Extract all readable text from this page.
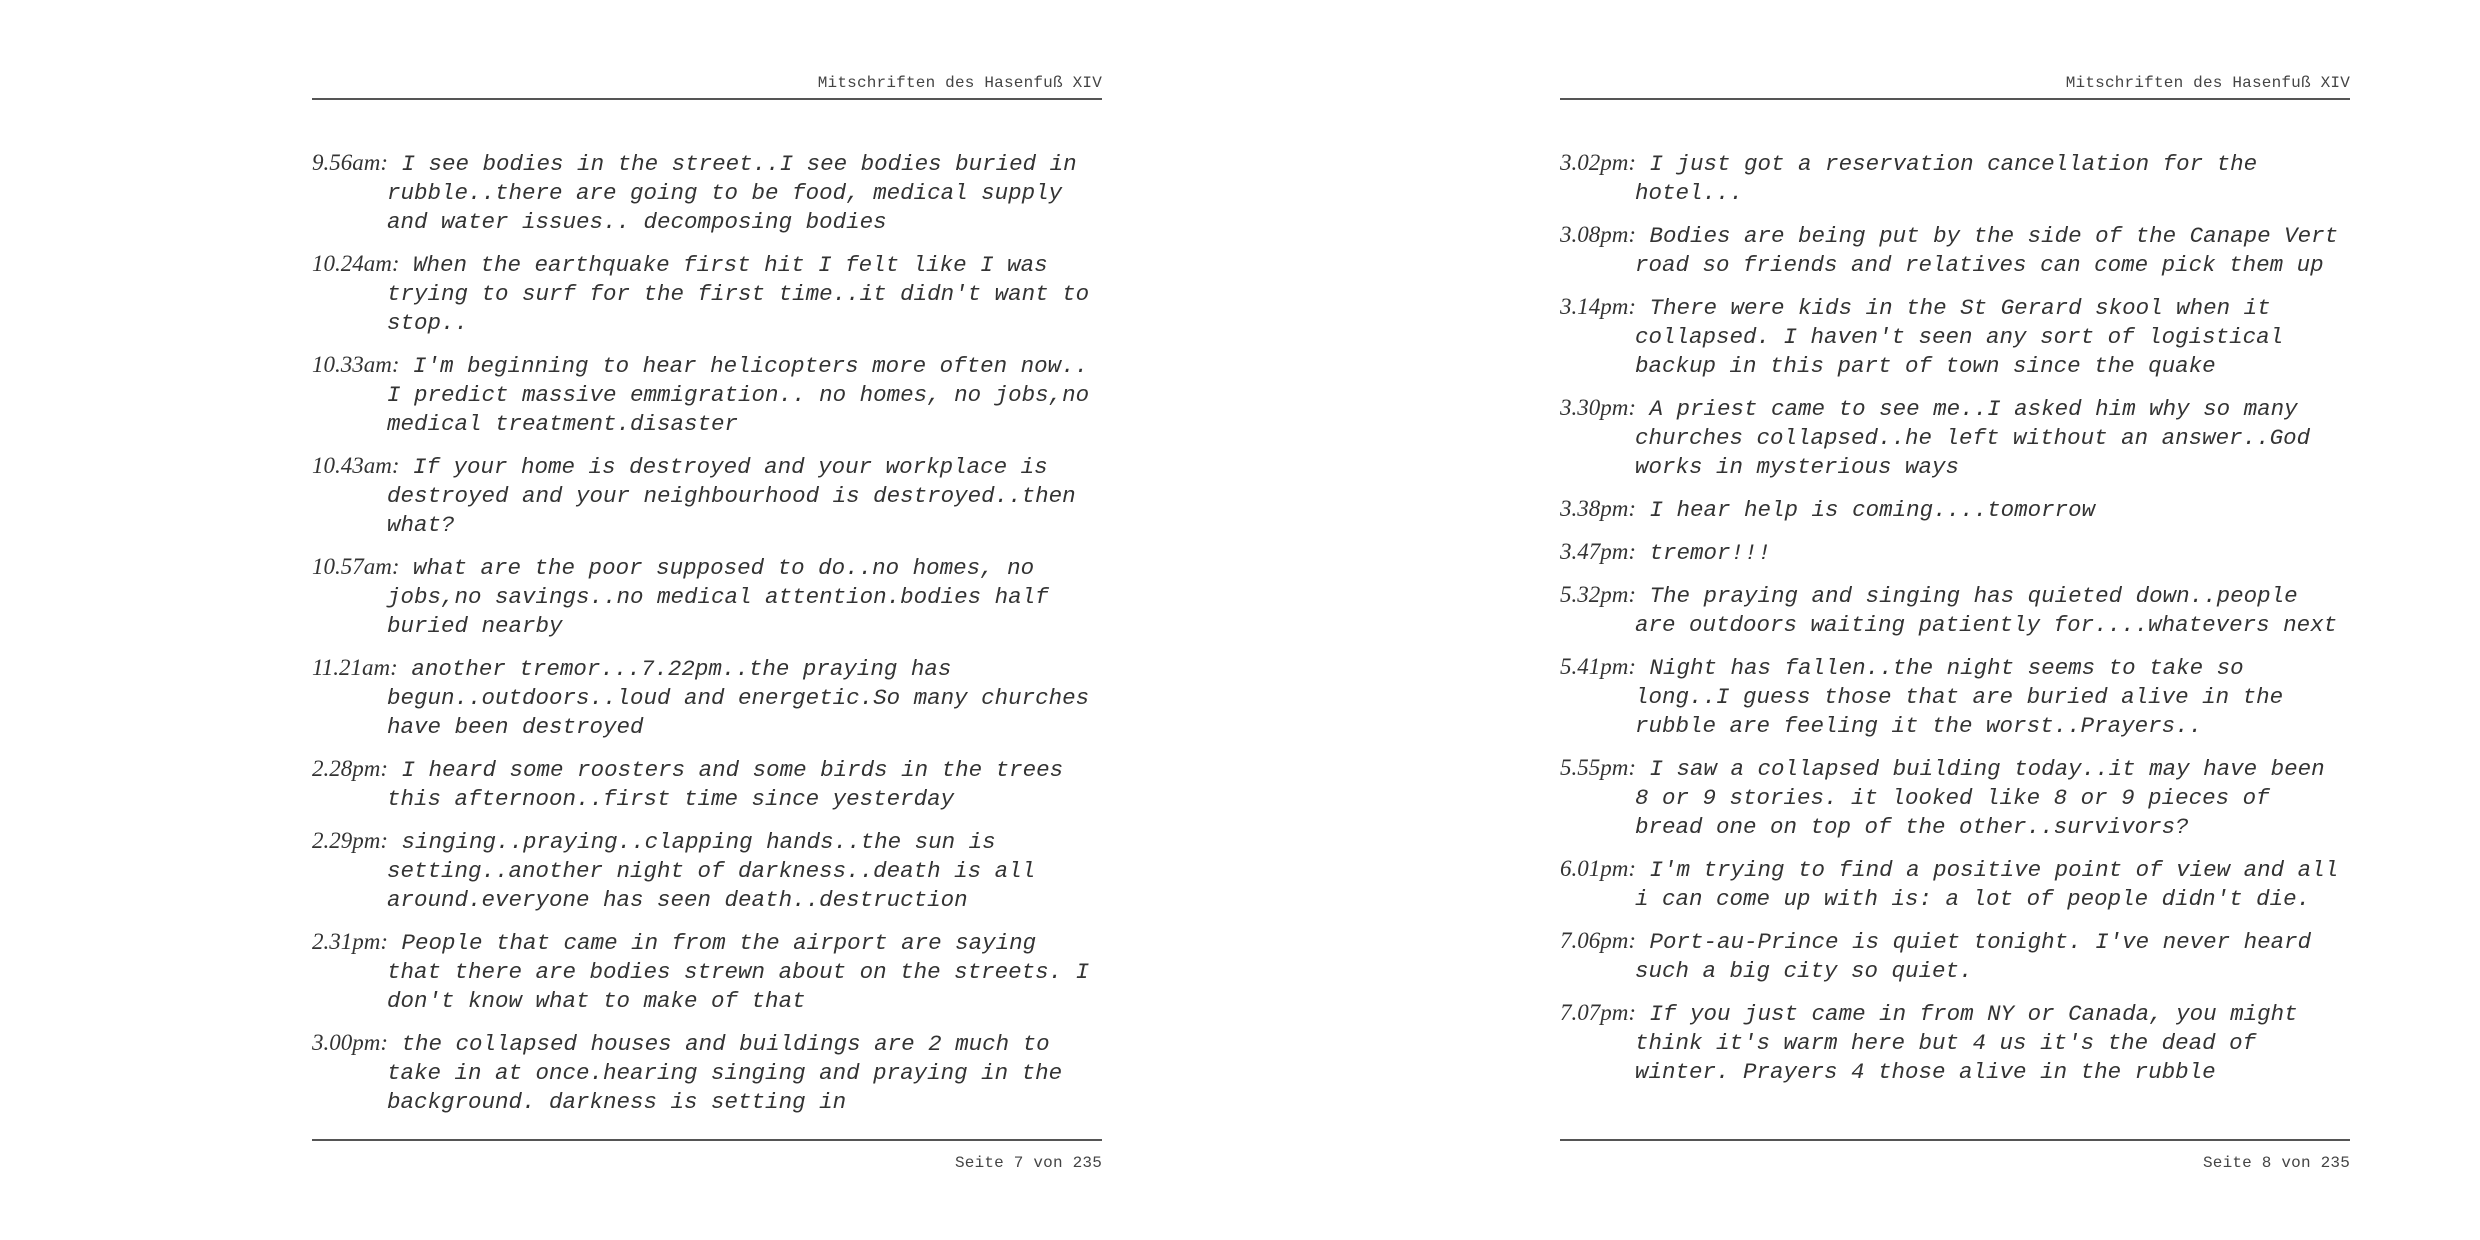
Mitschriften des Hasenfuß XIV
9.56am: I see bodies in the street..I see bodies buried in rubble..there are going to be food, medical supply and water issues.. decomposing bodies
10.24am: When the earthquake first hit I felt like I was trying to surf for the first time..it didn't want to stop..
10.33am: I'm beginning to hear helicopters more often now.. I predict massive emmigration.. no homes, no jobs,no medical treatment.disaster
10.43am: If your home is destroyed and your workplace is destroyed and your neighbourhood is destroyed..then what?
10.57am: what are the poor supposed to do..no homes, no jobs,no savings..no medical attention.bodies half buried nearby
11.21am: another tremor...7.22pm..the praying has begun..outdoors..loud and energetic.So many churches have been destroyed
2.28pm: I heard some roosters and some birds in the trees this afternoon..first time since yesterday
2.29pm: singing..praying..clapping hands..the sun is setting..another night of darkness..death is all around.everyone has seen death..destruction
2.31pm: People that came in from the airport are saying that there are bodies strewn about on the streets. I don't know what to make of that
3.00pm: the collapsed houses and buildings are 2 much to take in at once.hearing singing and praying in the background. darkness is setting in
Seite 7 von 235
Mitschriften des Hasenfuß XIV
3.02pm: I just got a reservation cancellation for the hotel...
3.08pm: Bodies are being put by the side of the Canape Vert road so friends and relatives can come pick them up
3.14pm: There were kids in the St Gerard skool when it collapsed. I haven't seen any sort of logistical backup in this part of town since the quake
3.30pm: A priest came to see me..I asked him why so many churches collapsed..he left without an answer..God works in mysterious ways
3.38pm: I hear help is coming....tomorrow
3.47pm: tremor!!!
5.32pm: The praying and singing has quieted down..people are outdoors waiting patiently for....whatevers next
5.41pm: Night has fallen..the night seems to take so long..I guess those that are buried alive in the rubble are feeling it the worst..Prayers..
5.55pm: I saw a collapsed building today..it may have been 8 or 9 stories. it looked like 8 or 9 pieces of bread one on top of the other..survivors?
6.01pm: I'm trying to find a positive point of view and all i can come up with is: a lot of people didn't die.
7.06pm: Port-au-Prince is quiet tonight. I've never heard such a big city so quiet.
7.07pm: If you just came in from NY or Canada, you might think it's warm here but 4 us it's the dead of winter. Prayers 4 those alive in the rubble
Seite 8 von 235
